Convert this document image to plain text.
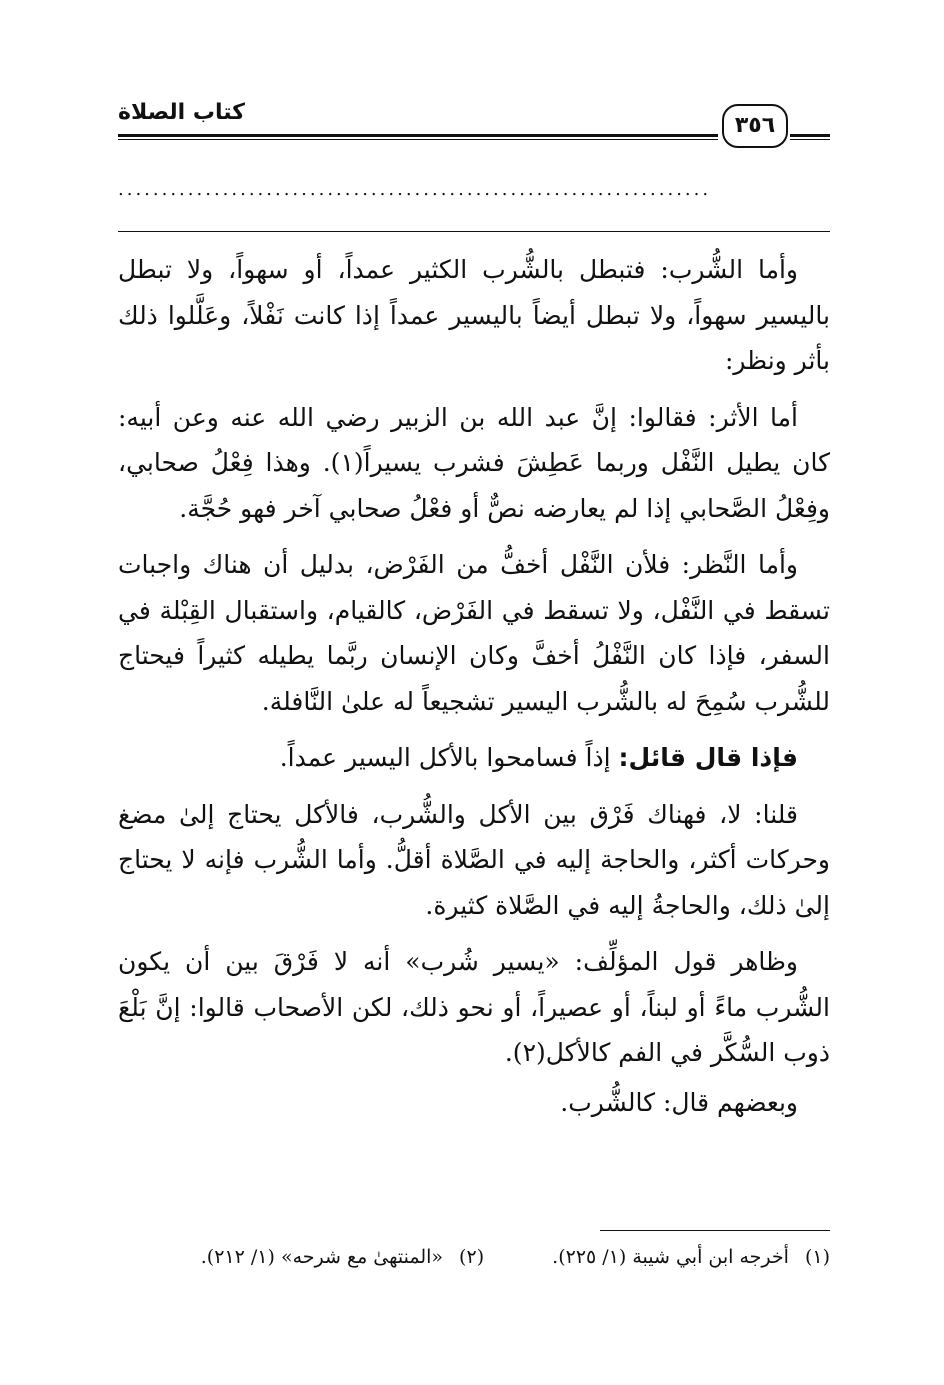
كتاب الصلاة
٣٥٦
....................................................................

وأما الشُّرب: فتبطل بالشُّرب الكثير عمداً، أو سهواً، ولا تبطل باليسير سهواً، ولا تبطل أيضاً باليسير عمداً إذا كانت نَفْلاً، وعَلَّلوا ذلك بأثر ونظر:

أما الأثر: فقالوا: إنَّ عبد الله بن الزبير رضي الله عنه وعن أبيه: كان يطيل النَّفْل وربما عَطِشَ فشرب يسيراً(١). وهذا فِعْلُ صحابي، وفِعْلُ الصَّحابي إذا لم يعارضه نصٌّ أو فعْلُ صحابي آخر فهو حُجَّة.

وأما النَّظر: فلأن النَّفْل أخفُّ من الفَرْض، بدليل أن هناك واجبات تسقط في النَّفْل، ولا تسقط في الفَرْض، كالقيام، واستقبال القِبْلة في السفر، فإذا كان النَّفْلُ أخفَّ وكان الإنسان ربَّما يطيله كثيراً فيحتاج للشُّرب سُمِحَ له بالشُّرب اليسير تشجيعاً له علىٰ النَّافلة.

فإذا قال قائل: إذاً فسامحوا بالأكل اليسير عمداً.

قلنا: لا، فهناك فَرْق بين الأكل والشُّرب، فالأكل يحتاج إلىٰ مضغ وحركات أكثر، والحاجة إليه في الصَّلاة أقلُّ. وأما الشُّرب فإنه لا يحتاج إلىٰ ذلك، والحاجةُ إليه في الصَّلاة كثيرة.

وظاهر قول المؤلِّف: «يسير شُرب» أنه لا فَرْقَ بين أن يكون الشُّرب ماءً أو لبناً، أو عصيراً، أو نحو ذلك، لكن الأصحاب قالوا: إنَّ بَلْعَ ذوب السُّكَّر في الفم كالأكل(٢).

وبعضهم قال: كالشُّرب.

(١)أخرجه ابن أبي شيبة (١/ ٢٢٥). (٢)«المنتهىٰ مع شرحه» (١/ ٢١٢).
